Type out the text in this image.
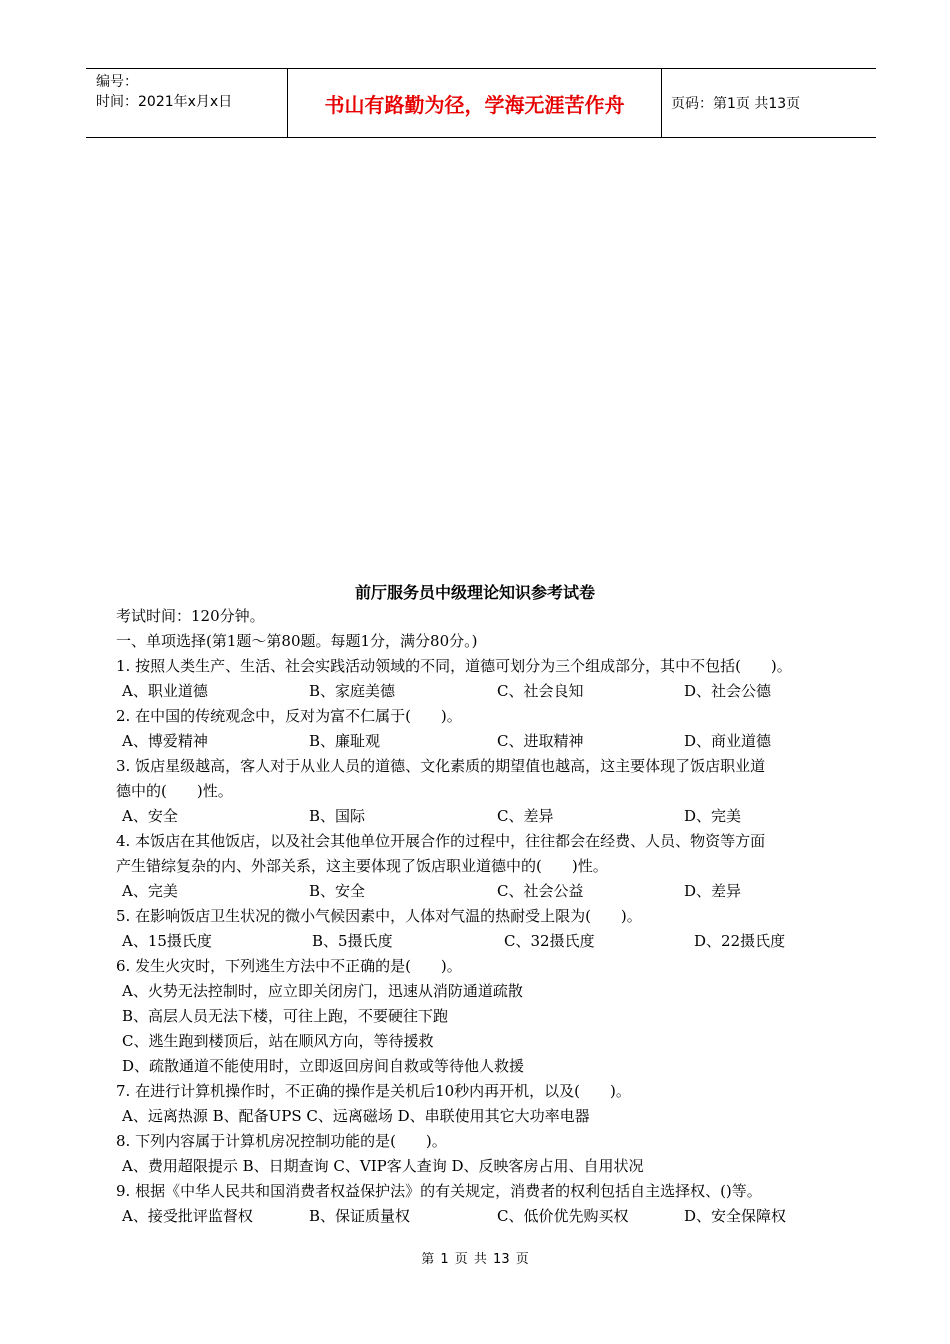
编号：
时间：2021年x月x日	书山有路勤为径，学海无涯苦作舟	页码：第1页 共13页
前厅服务员中级理论知识参考试卷
考试时间：120分钟。
一、单项选择(第1题～第80题。每题1分，满分80分。)
1. 按照人类生产、生活、社会实践活动领域的不同，道德可划分为三个组成部分，其中不包括(　　)。
A、职业道德	B、家庭美德	C、社会良知	D、社会公德
2. 在中国的传统观念中，反对为富不仁属于(　　)。
A、博爱精神	B、廉耻观	C、进取精神	D、商业道德
3. 饭店星级越高，客人对于从业人员的道德、文化素质的期望值也越高，这主要体现了饭店职业道
德中的(　　)性。
A、安全	B、国际	C、差异	D、完美
4. 本饭店在其他饭店，以及社会其他单位开展合作的过程中，往往都会在经费、人员、物资等方面
产生错综复杂的内、外部关系，这主要体现了饭店职业道德中的(　　)性。
A、完美	B、安全	C、社会公益	D、差异
5. 在影响饭店卫生状况的微小气候因素中，人体对气温的热耐受上限为(　　)。
A、15摄氏度	B、5摄氏度	C、32摄氏度	D、22摄氏度
6. 发生火灾时，下列逃生方法中不正确的是(　　)。
A、火势无法控制时，应立即关闭房门，迅速从消防通道疏散
B、高层人员无法下楼，可往上跑，不要硬往下跑
C、逃生跑到楼顶后，站在顺风方向，等待援救
D、疏散通道不能使用时，立即返回房间自救或等待他人救援
7. 在进行计算机操作时，不正确的操作是关机后10秒内再开机，以及(　　)。
A、远离热源 B、配备UPS C、远离磁场 D、串联使用其它大功率电器
8. 下列内容属于计算机房况控制功能的是(　　)。
A、费用超限提示 B、日期查询 C、VIP客人查询 D、反映客房占用、自用状况
9. 根据《中华人民共和国消费者权益保护法》的有关规定，消费者的权利包括自主选择权、()等。
A、接受批评监督权	B、保证质量权	C、低价优先购买权	D、安全保障权
第 1 页 共 13 页
